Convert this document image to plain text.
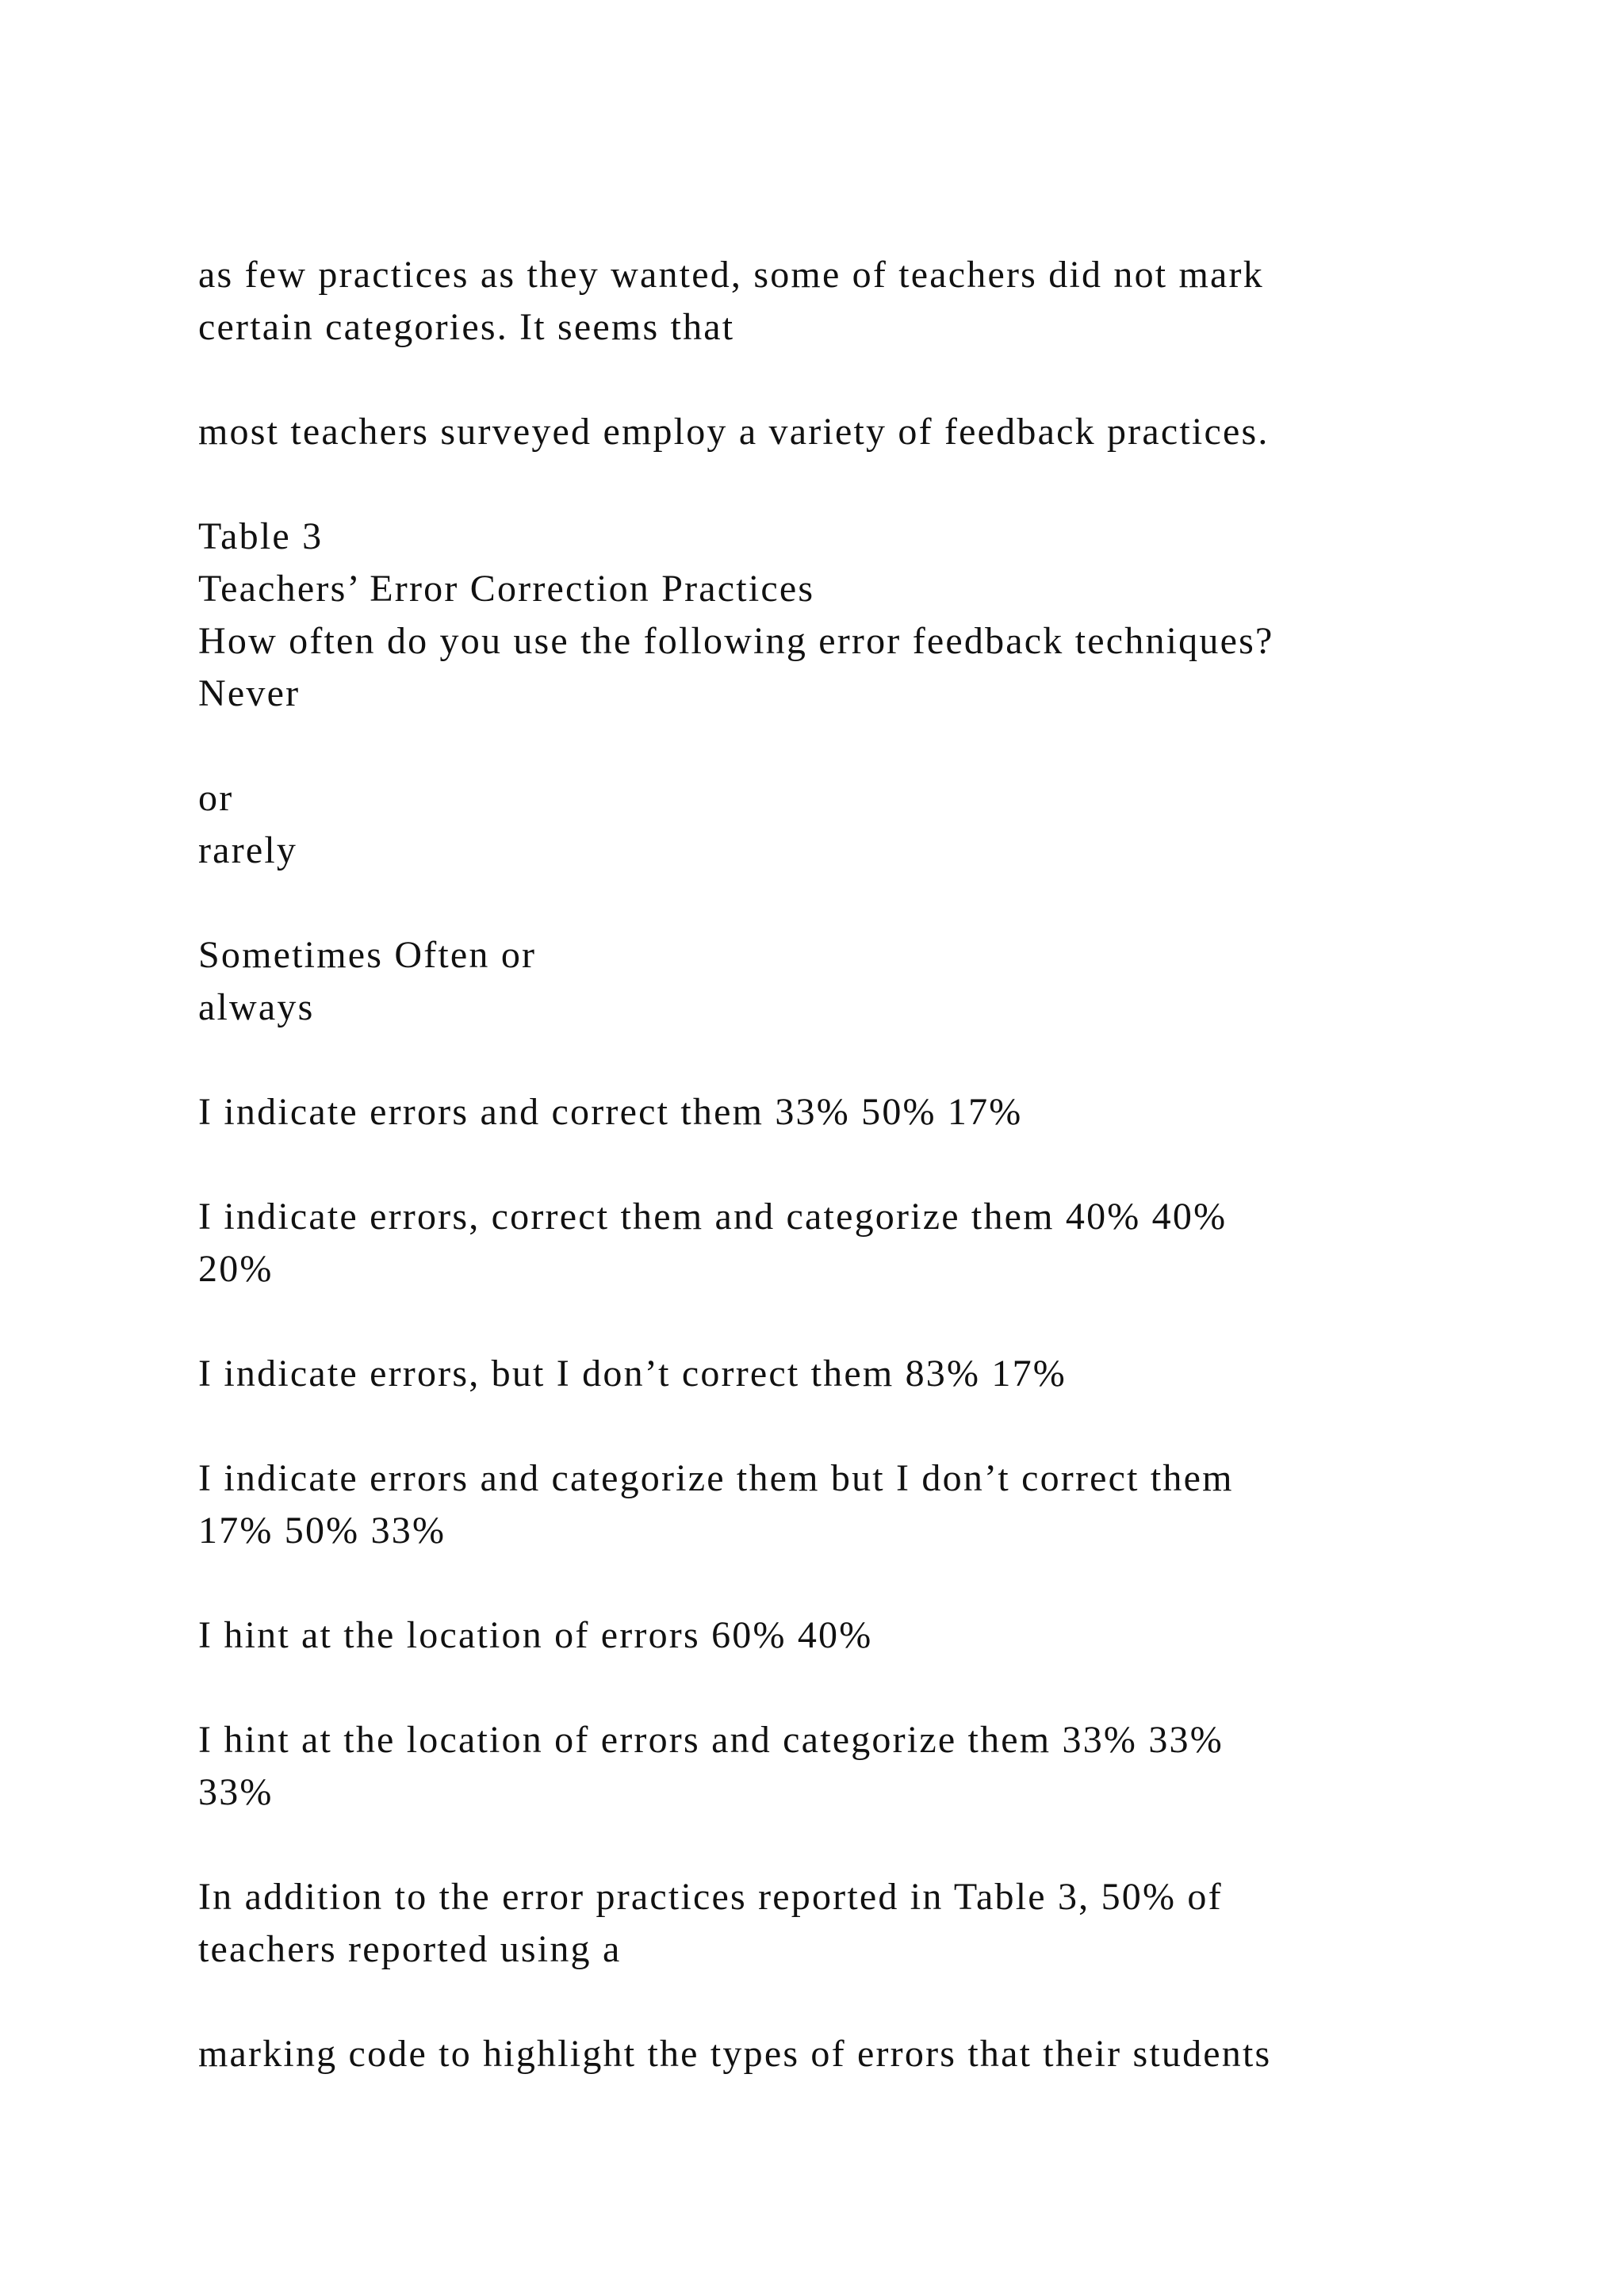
as few practices as they wanted, some of teachers did not mark
certain categories. It seems that
most teachers surveyed employ a variety of feedback practices.
Table 3
Teachers’ Error Correction Practices
How often do you use the following error feedback techniques?
Never
or
rarely
Sometimes Often or
always
I indicate errors and correct them 33% 50% 17%
I indicate errors, correct them and categorize them 40% 40%
20%
I indicate errors, but I don’t correct them 83% 17%
I indicate errors and categorize them but I don’t correct them
17% 50% 33%
I hint at the location of errors 60% 40%
I hint at the location of errors and categorize them 33% 33%
33%
In addition to the error practices reported in Table 3, 50% of
teachers reported using a
marking code to highlight the types of errors that their students
